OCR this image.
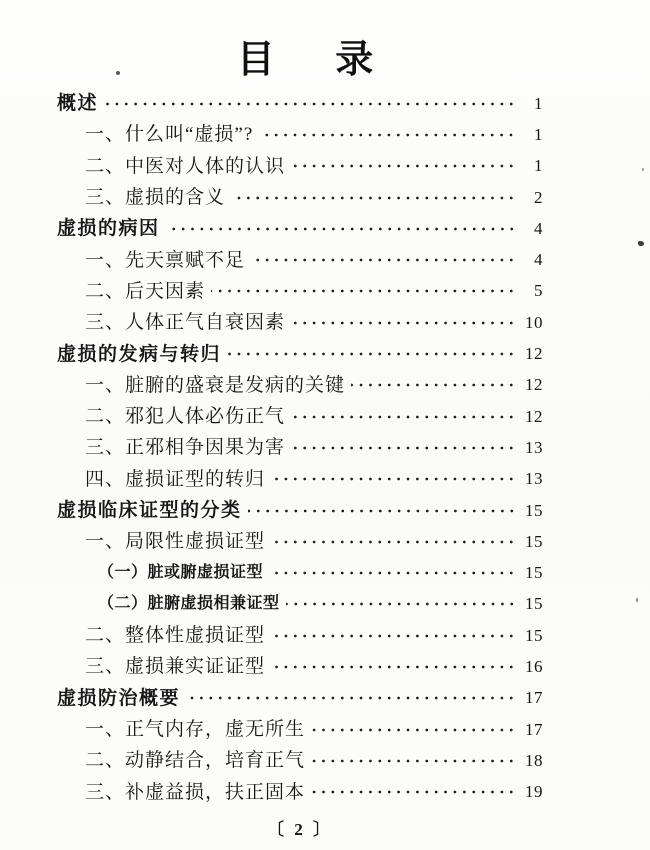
目 录
概述	1
一、什么叫“虚损”?	1
二、中医对人体的认识	1
三、虚损的含义	2
虚损的病因	4
一、先天禀赋不足	4
二、后天因素	5
三、人体正气自衰因素	10
虚损的发病与转归	12
一、脏腑的盛衰是发病的关键	12
二、邪犯人体必伤正气	12
三、正邪相争因果为害	13
四、虚损证型的转归	13
虚损临床证型的分类	15
一、局限性虚损证型	15
（一）脏或腑虚损证型	15
（二）脏腑虚损相兼证型	15
二、整体性虚损证型	15
三、虚损兼实证证型	16
虚损防治概要	17
一、正气内存，虚无所生	17
二、动静结合，培育正气	18
三、补虚益损，扶正固本	19
〔 2 〕
